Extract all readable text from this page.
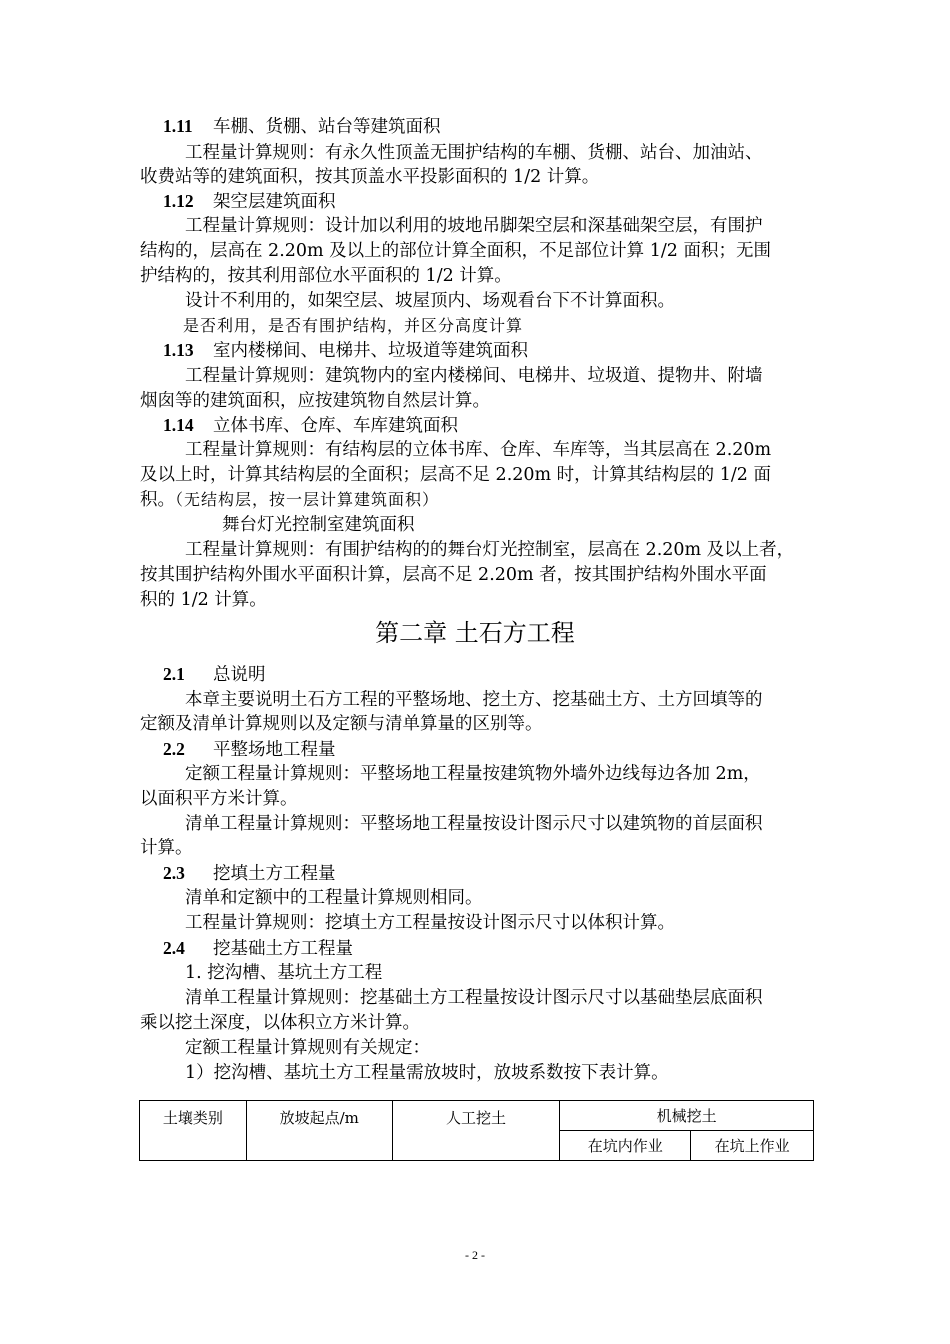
1.11 车棚、货棚、站台等建筑面积
工程量计算规则：有永久性顶盖无围护结构的车棚、货棚、站台、加油站、
收费站等的建筑面积，按其顶盖水平投影面积的 1/2 计算。
1.12 架空层建筑面积
工程量计算规则：设计加以利用的坡地吊脚架空层和深基础架空层，有围护
结构的，层高在 2.20m 及以上的部位计算全面积，不足部位计算 1/2 面积；无围
护结构的，按其利用部位水平面积的 1/2 计算。
设计不利用的，如架空层、坡屋顶内、场观看台下不计算面积。
是否利用，是否有围护结构，并区分高度计算
1.13 室内楼梯间、电梯井、垃圾道等建筑面积
工程量计算规则：建筑物内的室内楼梯间、电梯井、垃圾道、提物井、附墙
烟囱等的建筑面积，应按建筑物自然层计算。
1.14 立体书库、仓库、车库建筑面积
工程量计算规则：有结构层的立体书库、仓库、车库等，当其层高在 2.20m
及以上时，计算其结构层的全面积；层高不足 2.20m 时，计算其结构层的 1/2 面
积。（无结构层，按一层计算建筑面积）
舞台灯光控制室建筑面积
工程量计算规则：有围护结构的的舞台灯光控制室，层高在 2.20m 及以上者，
按其围护结构外围水平面积计算，层高不足 2.20m 者，按其围护结构外围水平面
积的 1/2 计算。
第二章 土石方工程
2.1 总说明
本章主要说明土石方工程的平整场地、挖土方、挖基础土方、土方回填等的
定额及清单计算规则以及定额与清单算量的区别等。
2.2 平整场地工程量
定额工程量计算规则：平整场地工程量按建筑物外墙外边线每边各加 2m，
以面积平方米计算。
清单工程量计算规则：平整场地工程量按设计图示尺寸以建筑物的首层面积
计算。
2.3 挖填土方工程量
清单和定额中的工程量计算规则相同。
工程量计算规则：挖填土方工程量按设计图示尺寸以体积计算。
2.4 挖基础土方工程量
1. 挖沟槽、基坑土方工程
清单工程量计算规则：挖基础土方工程量按设计图示尺寸以基础垫层底面积
乘以挖土深度，以体积立方米计算。
定额工程量计算规则有关规定：
1）挖沟槽、基坑土方工程量需放坡时，放坡系数按下表计算。
土壤类别	放坡起点/m	人工挖土	机械挖土	
			在坑内作业	在坑上作业
- 2 -
